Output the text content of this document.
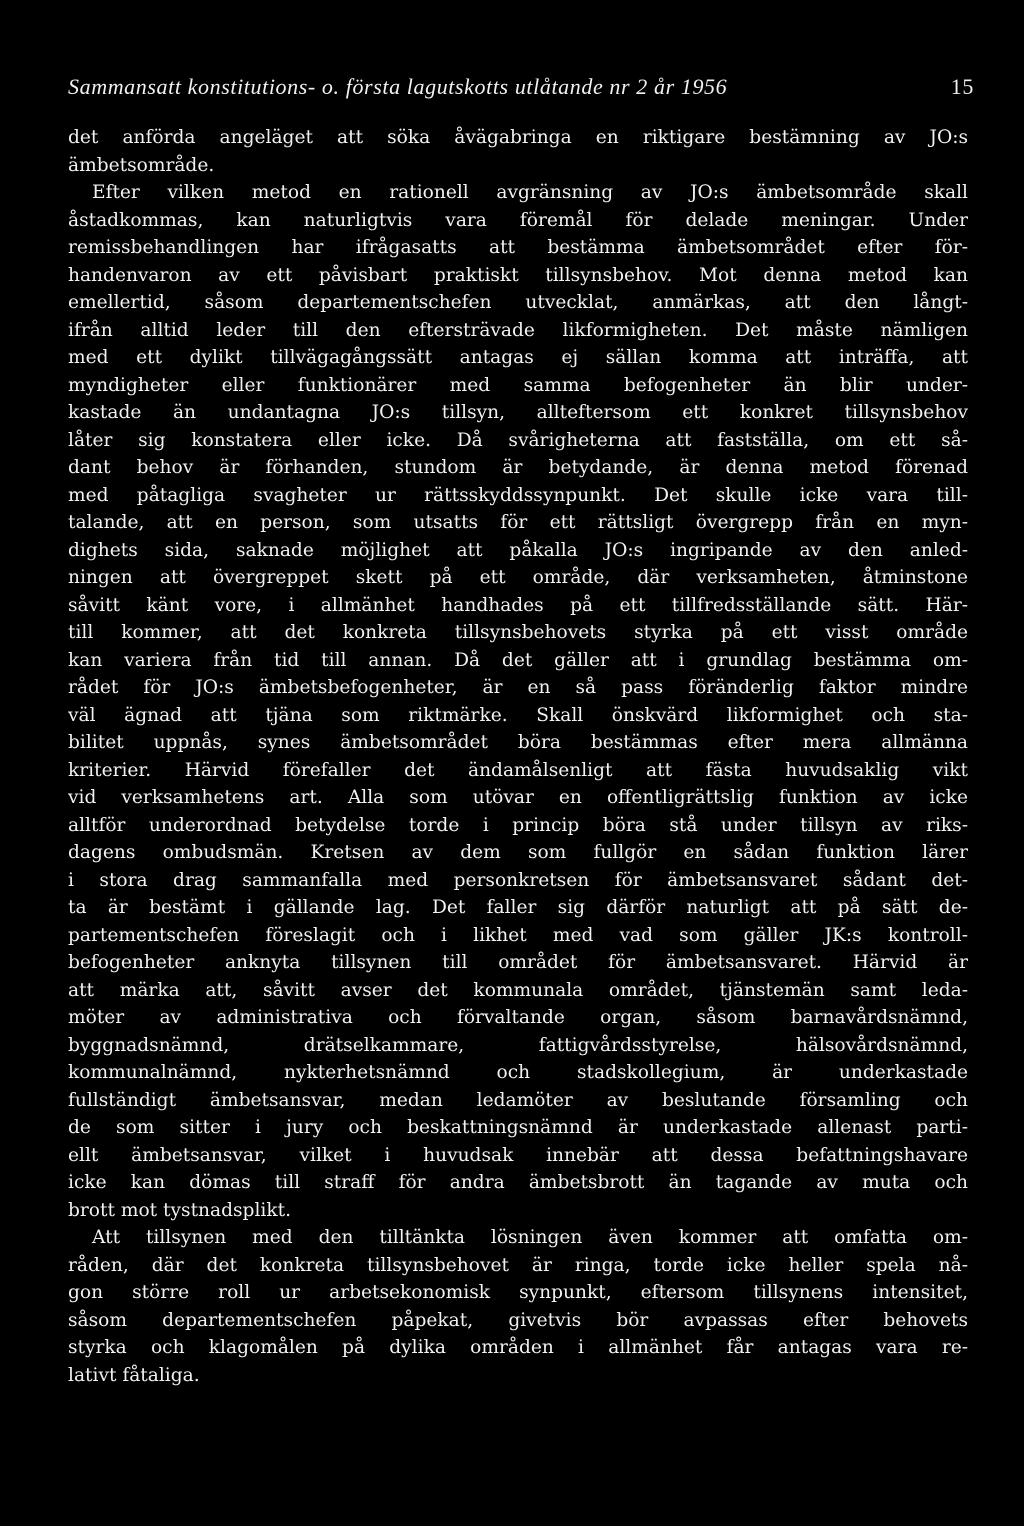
Sammansatt konstitutions- o. första lagutskotts utlåtande nr 2 år 1956	15
det anförda angeläget att söka åvägabringa en riktigare bestämning av JO:s
ämbetsområde.
Efter vilken metod en rationell avgränsning av JO:s ämbetsområde skall
åstadkommas, kan naturligtvis vara föremål för delade meningar. Under
remissbehandlingen har ifrågasatts att bestämma ämbetsområdet efter för-
handenvaron av ett påvisbart praktiskt tillsynsbehov. Mot denna metod kan
emellertid, såsom departementschefen utvecklat, anmärkas, att den långt-
ifrån alltid leder till den eftersträvade likformigheten. Det måste nämligen
med ett dylikt tillvägagångssätt antagas ej sällan komma att inträffa, att
myndigheter eller funktionärer med samma befogenheter än blir under-
kastade än undantagna JO:s tillsyn, allteftersom ett konkret tillsynsbehov
låter sig konstatera eller icke. Då svårigheterna att fastställa, om ett så-
dant behov är förhanden, stundom är betydande, är denna metod förenad
med påtagliga svagheter ur rättsskyddssynpunkt. Det skulle icke vara till-
talande, att en person, som utsatts för ett rättsligt övergrepp från en myn-
dighets sida, saknade möjlighet att påkalla JO:s ingripande av den anled-
ningen att övergreppet skett på ett område, där verksamheten, åtminstone
såvitt känt vore, i allmänhet handhades på ett tillfredsställande sätt. Här-
till kommer, att det konkreta tillsynsbehovets styrka på ett visst område
kan variera från tid till annan. Då det gäller att i grundlag bestämma om-
rådet för JO:s ämbetsbefogenheter, är en så pass föränderlig faktor mindre
väl ägnad att tjäna som riktmärke. Skall önskvärd likformighet och sta-
bilitet uppnås, synes ämbetsområdet böra bestämmas efter mera allmänna
kriterier. Härvid förefaller det ändamålsenligt att fästa huvudsaklig vikt
vid verksamhetens art. Alla som utövar en offentligrättslig funktion av icke
alltför underordnad betydelse torde i princip böra stå under tillsyn av riks-
dagens ombudsmän. Kretsen av dem som fullgör en sådan funktion lärer
i stora drag sammanfalla med personkretsen för ämbetsansvaret sådant det-
ta är bestämt i gällande lag. Det faller sig därför naturligt att på sätt de-
partementschefen föreslagit och i likhet med vad som gäller JK:s kontroll-
befogenheter anknyta tillsynen till området för ämbetsansvaret. Härvid är
att märka att, såvitt avser det kommunala området, tjänstemän samt leda-
möter av administrativa och förvaltande organ, såsom barnavårdsnämnd,
byggnadsnämnd, drätselkammare, fattigvårdsstyrelse, hälsovårdsnämnd,
kommunalnämnd, nykterhetsnämnd och stadskollegium, är underkastade
fullständigt ämbetsansvar, medan ledamöter av beslutande församling och
de som sitter i jury och beskattningsnämnd är underkastade allenast parti-
ellt ämbetsansvar, vilket i huvudsak innebär att dessa befattningshavare
icke kan dömas till straff för andra ämbetsbrott än tagande av muta och
brott mot tystnadsplikt.
Att tillsynen med den tilltänkta lösningen även kommer att omfatta om-
råden, där det konkreta tillsynsbehovet är ringa, torde icke heller spela nå-
gon större roll ur arbetsekonomisk synpunkt, eftersom tillsynens intensitet,
såsom departementschefen påpekat, givetvis bör avpassas efter behovets
styrka och klagomålen på dylika områden i allmänhet får antagas vara re-
lativt fåtaliga.
